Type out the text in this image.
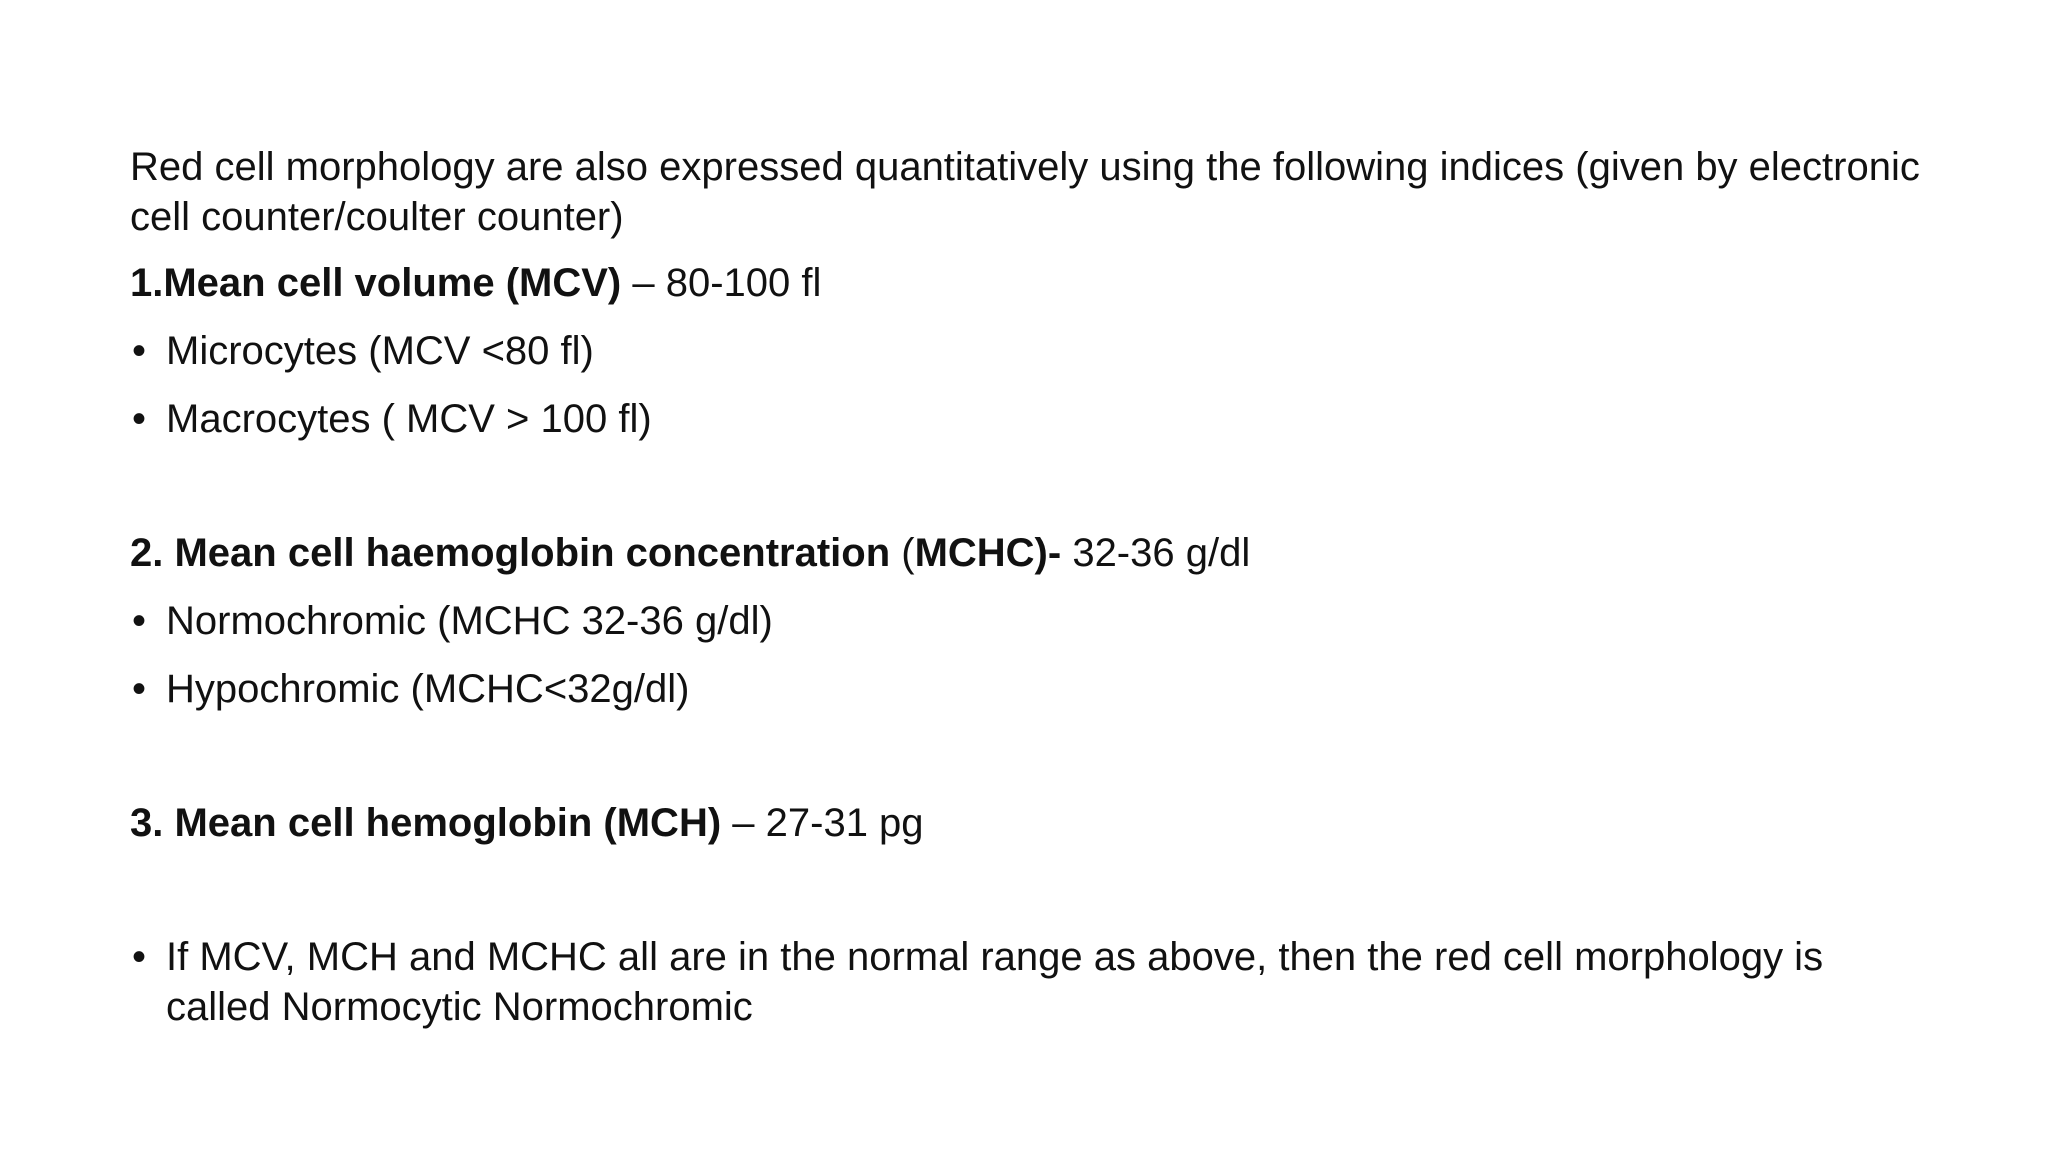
Red cell morphology are also expressed quantitatively using the following indices (given by electronic cell counter/coulter counter)

1.Mean cell volume (MCV) – 80-100 fl

• Microcytes (MCV <80 fl)
• Macrocytes ( MCV > 100 fl)

2. Mean cell haemoglobin concentration (MCHC)- 32-36 g/dl

• Normochromic (MCHC 32-36 g/dl)
• Hypochromic (MCHC<32g/dl)

3. Mean cell hemoglobin (MCH) – 27-31 pg

• If MCV, MCH and MCHC all are in the normal range as above, then the red cell morphology is called Normocytic Normochromic
